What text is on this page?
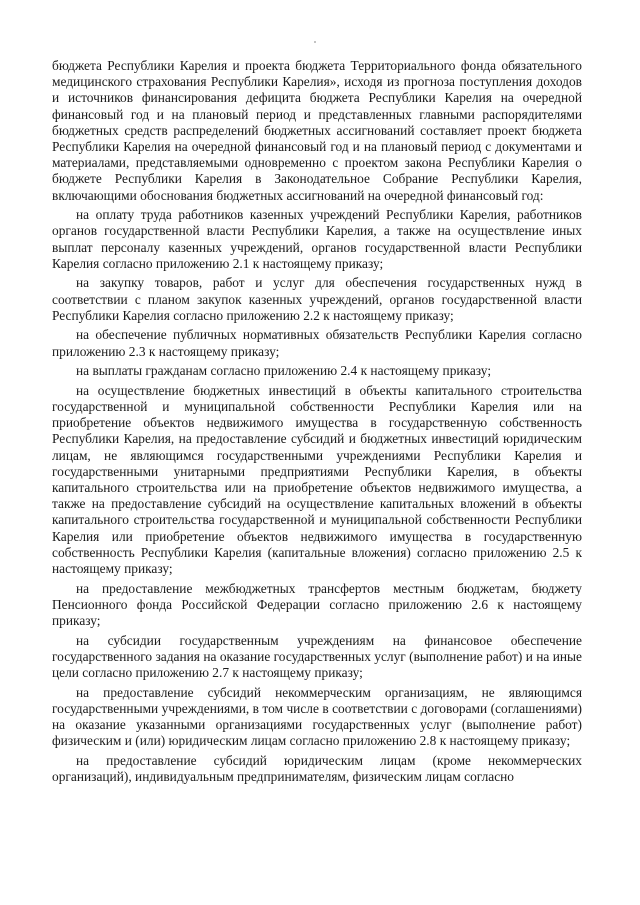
бюджета Республики Карелия и проекта бюджета Территориального фонда обязательного медицинского страхования Республики Карелия», исходя из прогноза поступления доходов и источников финансирования дефицита бюджета Республики Карелия на очередной финансовый год и на плановый период и представленных главными распорядителями бюджетных средств распределений бюджетных ассигнований составляет проект бюджета Республики Карелия на очередной финансовый год и на плановый период с документами и материалами, представляемыми одновременно с проектом закона Республики Карелия о бюджете Республики Карелия в Законодательное Собрание Республики Карелия, включающими обоснования бюджетных ассигнований на очередной финансовый год:

на оплату труда работников казенных учреждений Республики Карелия, работников органов государственной власти Республики Карелия, а также на осуществление иных выплат персоналу казенных учреждений, органов государственной власти Республики Карелия согласно приложению 2.1 к настоящему приказу;

на закупку товаров, работ и услуг для обеспечения государственных нужд в соответствии с планом закупок казенных учреждений, органов государственной власти Республики Карелия согласно приложению 2.2 к настоящему приказу;

на обеспечение публичных нормативных обязательств Республики Карелия согласно приложению 2.3 к настоящему приказу;

на выплаты гражданам согласно приложению 2.4 к настоящему приказу;

на осуществление бюджетных инвестиций в объекты капитального строительства государственной и муниципальной собственности Республики Карелия или на приобретение объектов недвижимого имущества в государственную собственность Республики Карелия, на предоставление субсидий и бюджетных инвестиций юридическим лицам, не являющимся государственными учреждениями Республики Карелия и государственными унитарными предприятиями Республики Карелия, в объекты капитального строительства или на приобретение объектов недвижимого имущества, а также на предоставление субсидий на осуществление капитальных вложений в объекты капитального строительства государственной и муниципальной собственности Республики Карелия или приобретение объектов недвижимого имущества в государственную собственность Республики Карелия (капитальные вложения) согласно приложению 2.5 к настоящему приказу;

на предоставление межбюджетных трансфертов местным бюджетам, бюджету Пенсионного фонда Российской Федерации согласно приложению 2.6 к настоящему приказу;

на субсидии государственным учреждениям на финансовое обеспечение государственного задания на оказание государственных услуг (выполнение работ) и на иные цели согласно приложению 2.7 к настоящему приказу;

на предоставление субсидий некоммерческим организациям, не являющимся государственными учреждениями, в том числе в соответствии с договорами (соглашениями) на оказание указанными организациями государственных услуг (выполнение работ) физическим и (или) юридическим лицам согласно приложению 2.8 к настоящему приказу;

на предоставление субсидий юридическим лицам (кроме некоммерческих организаций), индивидуальным предпринимателям, физическим лицам согласно
